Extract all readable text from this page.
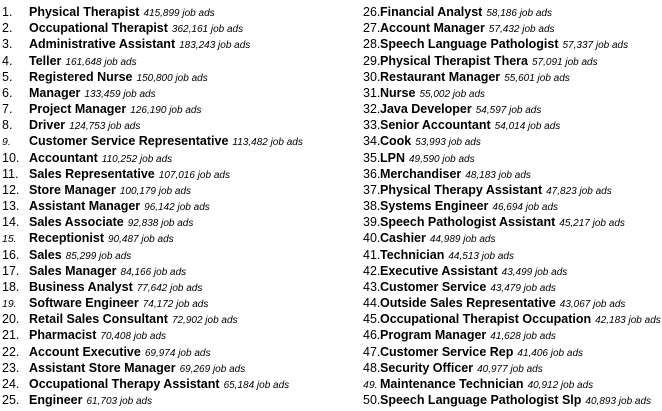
1. Physical Therapist 415,899 job ads
2. Occupational Therapist 362,161 job ads
3. Administrative Assistant 183,243 job ads
4. Teller 161,648 job ads
5. Registered Nurse 150,800 job ads
6. Manager 133,459 job ads
7. Project Manager 126,190 job ads
8. Driver 124,753 job ads
9. Customer Service Representative 113,482 job ads
10. Accountant 110,252 job ads
11. Sales Representative 107,016 job ads
12. Store Manager 100,179 job ads
13. Assistant Manager 96,142 job ads
14. Sales Associate 92,838 job ads
15. Receptionist 90,487 job ads
16. Sales 85,299 job ads
17. Sales Manager 84,166 job ads
18. Business Analyst 77,642 job ads
19. Software Engineer 74,172 job ads
20. Retail Sales Consultant 72,902 job ads
21. Pharmacist 70,408 job ads
22. Account Executive 69,974 job ads
23. Assistant Store Manager 69,269 job ads
24. Occupational Therapy Assistant 65,184 job ads
25. Engineer 61,703 job ads
26.Financial Analyst 58,186 job ads
27.Account Manager 57,432 job ads
28.Speech Language Pathologist 57,337 job ads
29.Physical Therapist Thera 57,091 job ads
30.Restaurant Manager 55,601 job ads
31.Nurse 55,002 job ads
32.Java Developer 54,597 job ads
33.Senior Accountant 54,014 job ads
34.Cook 53,993 job ads
35.LPN 49,590 job ads
36.Merchandiser 48,183 job ads
37.Physical Therapy Assistant 47,823 job ads
38.Systems Engineer 46,694 job ads
39.Speech Pathologist Assistant 45,217 job ads
40.Cashier 44,989 job ads
41.Technician 44,513 job ads
42.Executive Assistant 43,499 job ads
43.Customer Service 43,479 job ads
44.Outside Sales Representative 43,067 job ads
45.Occupational Therapist Occupation 42,183 job ads
46.Program Manager 41,628 job ads
47.Customer Service Rep 41,406 job ads
48.Security Officer 40,977 job ads
49. Maintenance Technician 40,912 job ads
50.Speech Language Pathologist Slp 40,893 job ads
